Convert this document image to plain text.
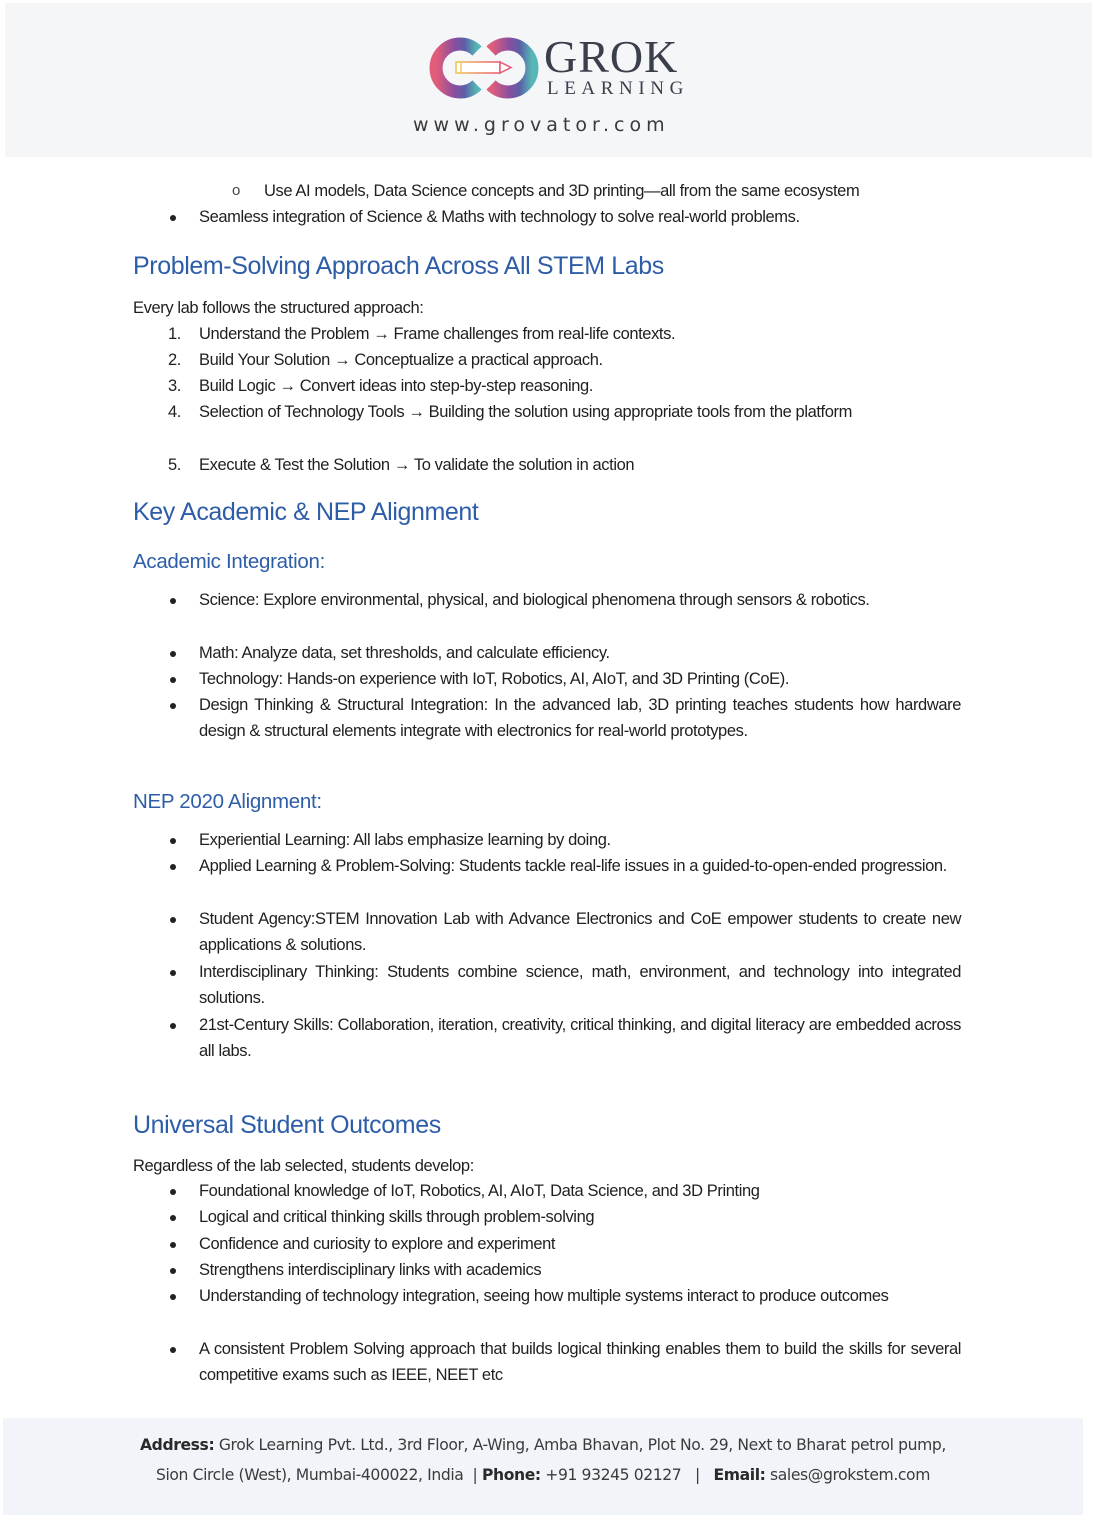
GROK
LEARNING
www.grovator.com
o Use AI models, Data Science concepts and 3D printing—all from the same ecosystem
Seamless integration of Science & Maths with technology to solve real-world problems.
Problem-Solving Approach Across All STEM Labs
Every lab follows the structured approach:
1.	Understand the Problem → Frame challenges from real-life contexts.
2.	Build Your Solution → Conceptualize a practical approach.
3.	Build Logic → Convert ideas into step-by-step reasoning.
4.	Selection of Technology Tools → Building the solution using appropriate tools from the platform
5.	Execute & Test the Solution → To validate the solution in action
Key Academic & NEP Alignment
Academic Integration:
Science: Explore environmental, physical, and biological phenomena through sensors & robotics.
Math: Analyze data, set thresholds, and calculate efficiency.
Technology: Hands-on experience with IoT, Robotics, AI, AIoT, and 3D Printing (CoE).
Design Thinking & Structural Integration: In the advanced lab, 3D printing teaches students how hardware design & structural elements integrate with electronics for real-world prototypes.
NEP 2020 Alignment:
Experiential Learning: All labs emphasize learning by doing.
Applied Learning & Problem-Solving: Students tackle real-life issues in a guided-to-open-ended progression.
Student Agency:STEM Innovation Lab with Advance Electronics and CoE empower students to create new applications & solutions.
Interdisciplinary Thinking: Students combine science, math, environment, and technology into integrated solutions.
21st-Century Skills: Collaboration, iteration, creativity, critical thinking, and digital literacy are embedded across all labs.
Universal Student Outcomes
Regardless of the lab selected, students develop:
Foundational knowledge of IoT, Robotics, AI, AIoT, Data Science, and 3D Printing
Logical and critical thinking skills through problem-solving
Confidence and curiosity to explore and experiment
Strengthens interdisciplinary links with academics
Understanding of technology integration, seeing how multiple systems interact to produce outcomes
A consistent Problem Solving approach that builds logical thinking enables them to build the skills for several competitive exams such as IEEE, NEET etc
Address: Grok Learning Pvt. Ltd., 3rd Floor, A-Wing, Amba Bhavan, Plot No. 29, Next to Bharat petrol pump,
Sion Circle (West), Mumbai-400022, India | Phone: +91 93245 02127 | Email: sales@grokstem.com
